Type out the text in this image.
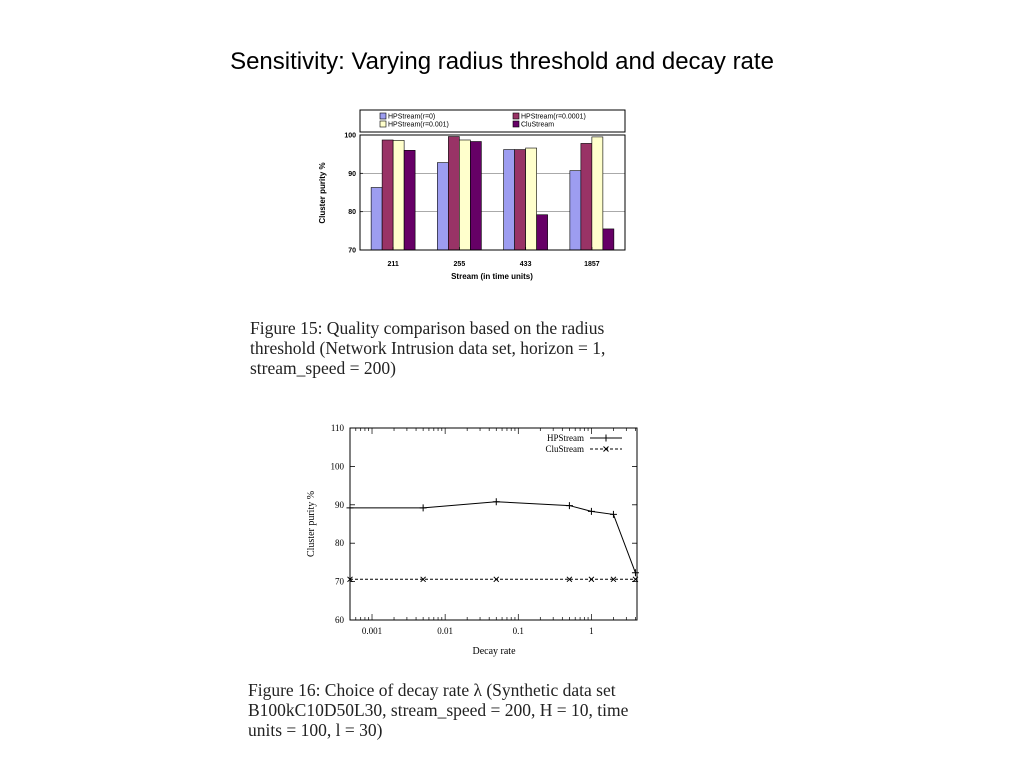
Sensitivity: Varying radius threshold and decay rate
HPStream(r=0)	HPStream(r=0.0001)
HPStream(r=0.001)	CluStream
70
80
90
100
211	255	433	1857
Stream (in time units)
Cluster purity %
Figure 15: Quality comparison based on the radius
threshold (Network Intrusion data set, horizon = 1,
stream_speed = 200)
60
70
80
90
100
110
0.001	0.01	0.1	1
HPStream
CluStream
Decay rate
Cluster purity %
Figure 16: Choice of decay rate λ (Synthetic data set
B100kC10D50L30, stream_speed = 200, H = 10, time
units = 100, l = 30)
